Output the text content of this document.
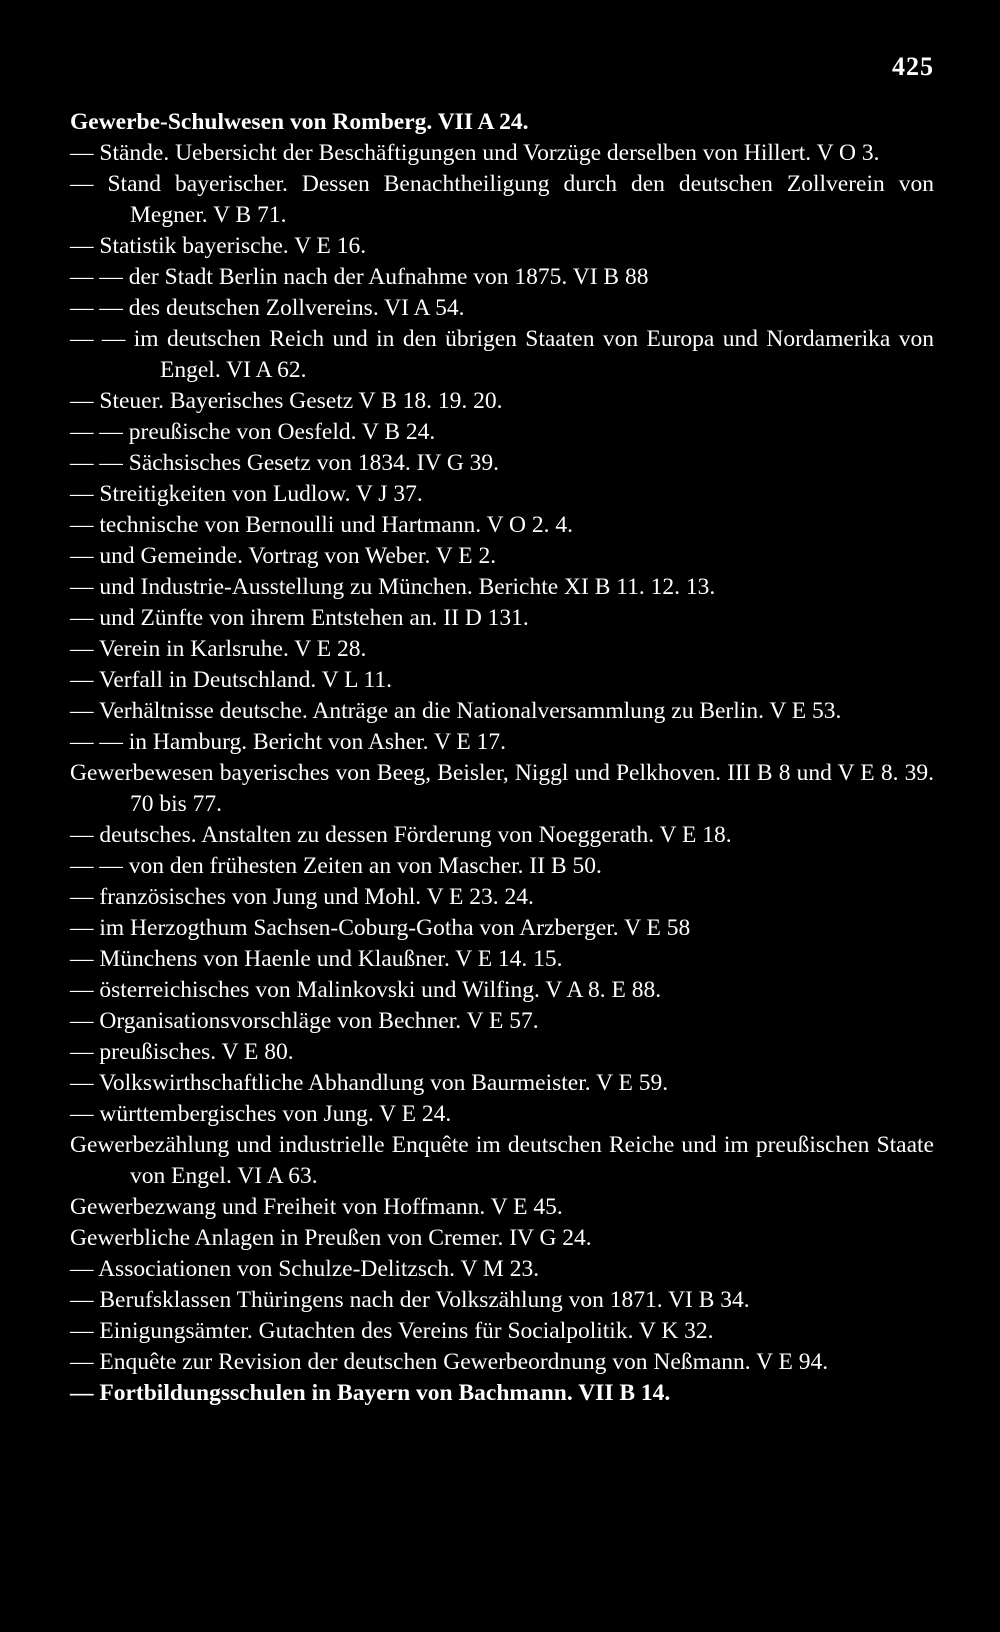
425

Gewerbe-Schulwesen von Romberg. VII A 24.

— Stände. Uebersicht der Beschäftigungen und Vorzüge derselben von Hillert. V O 3.

— Stand bayerischer. Dessen Benachtheiligung durch den deutschen Zollverein von Megner. V B 71.

— Statistik bayerische. V E 16.

— — der Stadt Berlin nach der Aufnahme von 1875. VI B 88

— — des deutschen Zollvereins. VI A 54.

— — im deutschen Reich und in den übrigen Staaten von Europa und Nordamerika von Engel. VI A 62.

— Steuer. Bayerisches Gesetz V B 18. 19. 20.

— — preußische von Oesfeld. V B 24.

— — Sächsisches Gesetz von 1834. IV G 39.

— Streitigkeiten von Ludlow. V J 37.

— technische von Bernoulli und Hartmann. V O 2. 4.

— und Gemeinde. Vortrag von Weber. V E 2.

— und Industrie-Ausstellung zu München. Berichte XI B 11. 12. 13.

— und Zünfte von ihrem Entstehen an. II D 131.

— Verein in Karlsruhe. V E 28.

— Verfall in Deutschland. V L 11.

— Verhältnisse deutsche. Anträge an die Nationalversammlung zu Berlin. V E 53.

— — in Hamburg. Bericht von Asher. V E 17.

Gewerbewesen bayerisches von Beeg, Beisler, Niggl und Pelkhoven. III B 8 und V E 8. 39. 70 bis 77.

— deutsches. Anstalten zu dessen Förderung von Noeggerath. V E 18.

— — von den frühesten Zeiten an von Mascher. II B 50.

— französisches von Jung und Mohl. V E 23. 24.

— im Herzogthum Sachsen-Coburg-Gotha von Arzberger. V E 58

— Münchens von Haenle und Klaußner. V E 14. 15.

— österreichisches von Malinkovski und Wilfing. V A 8. E 88.

— Organisationsvorschläge von Bechner. V E 57.

— preußisches. V E 80.

— Volkswirthschaftliche Abhandlung von Baurmeister. V E 59.

— württembergisches von Jung. V E 24.

Gewerbezählung und industrielle Enquête im deutschen Reiche und im preußischen Staate von Engel. VI A 63.

Gewerbezwang und Freiheit von Hoffmann. V E 45.

Gewerbliche Anlagen in Preußen von Cremer. IV G 24.

— Associationen von Schulze-Delitzsch. V M 23.

— Berufsklassen Thüringens nach der Volkszählung von 1871. VI B 34.

— Einigungsämter. Gutachten des Vereins für Socialpolitik. V K 32.

— Enquête zur Revision der deutschen Gewerbeordnung von Neßmann. V E 94.

— Fortbildungsschulen in Bayern von Bachmann. VII B 14.
